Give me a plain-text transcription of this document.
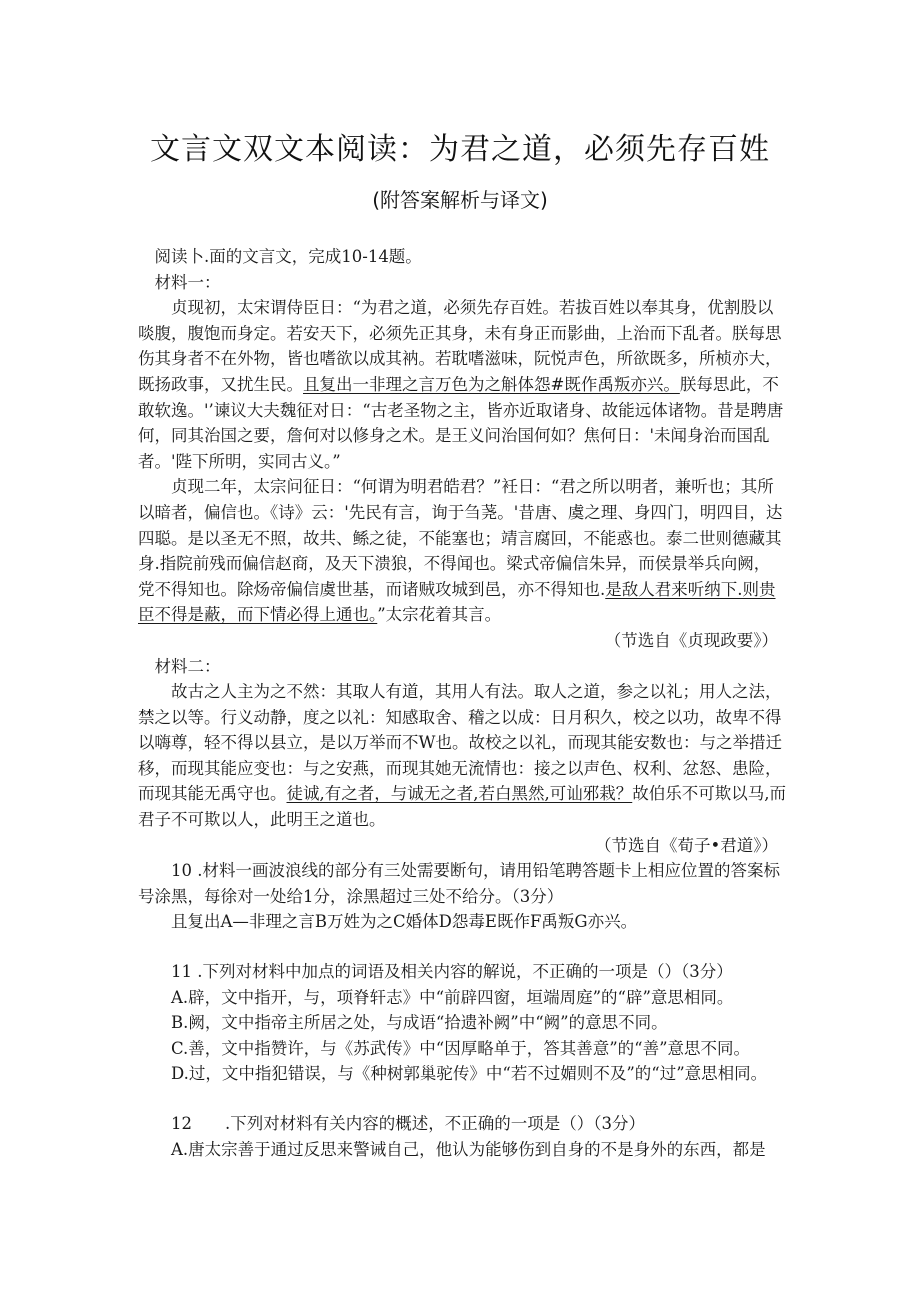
文言文双文本阅读：为君之道，必须先存百姓
(附答案解析与译文)

阅读卜.面的文言文，完成10-14题。

材料一：

贞现初，太宋谓侍臣日：“为君之道，必须先存百姓。若拔百姓以奉其身，优割股以啖腹，腹饱而身定。若安天下，必须先正其身，未有身正而影曲，上治而下乱者。朕每思伤其身者不在外物，皆也嗜欲以成其衲。若耽嗜滋味，阮悦声色，所欲既多，所桢亦大，既扬政事，又扰生民。且复出一非理之言万色为之斛体怨#既作禹叛亦兴。朕每思此，不敢软逸。'’谏议大夫魏征对日：“古老圣物之主，皆亦近取诸身、故能远体诸物。昔是聘唐何，同其治国之要，詹何对以修身之术。是王义问治国何如？焦何日：'未闻身治而国乱者。'陛下所明，实同古义。”

贞现二年，太宗问征日：“何谓为明君皓君？”衽日：“君之所以明者，兼听也；其所以暗者，偏信也。《诗》云：'先民有言，询于刍荛。'昔唐、虞之理、身四门，明四目，达四聪。是以圣无不照，故共、鲧之徒，不能塞也；靖言腐回，不能惑也。泰二世则德藏其身.指院前残而偏信赵商，及天下溃狼，不得闻也。梁式帝偏信朱异，而侯景举兵向阙，党不得知也。除炀帝偏信虞世基，而诸贼攻城到邑，亦不得知也.是敌人君来听纳下.则贵臣不得是蔽，而下情必得上通也。”太宗花着其言。

（节选自《贞现政要》）

材料二：

故古之人主为之不然：其取人有道，其用人有法。取人之道，参之以礼；用人之法，禁之以等。行义动静，度之以礼：知感取舍、稽之以成：日月积久，校之以功，故卑不得以嗨尊，轻不得以县立，是以万举而不W也。故校之以礼，而现其能安数也：与之举措迁移，而现其能应变也：与之安燕，而现其她无流情也：接之以声色、权利、忿怒、患险，而现其能无禹守也。徒诚,有之者，与诚无之者,若白黑然,可讪邪栽？故伯乐不可欺以马,而君子不可欺以人，此明王之道也。

（节选自《荀子•君道》）

10 .材料一画波浪线的部分有三处需要断句，请用铅笔聘答题卡上相应位置的答案标号涂黑，每徐对一处给1分，涂黑超过三处不给分。（3分）

且复出A—非理之言B万姓为之C婚体D怨毒E既作F禹叛G亦兴。

11 .下列对材料中加点的词语及相关内容的解说，不正确的一项是（）（3分）

A.辟，文中指开，与，项脊轩志》中“前辟四窗，垣端周庭”的“辟”意思相同。

B.阙，文中指帝主所居之处，与成语“拾遗补阙”中“阙”的意思不同。

C.善，文中指赞许，与《苏武传》中“因厚略单于，答其善意”的“善”意思不同。

D.过，文中指犯错误，与《种树郭巢驼传》中“若不过媚则不及”的“过”意思相同。

12　　.下列对材料有关内容的概述，不正确的一项是（）（3分）

A.唐太宗善于通过反思来警诫自己，他认为能够伤到自身的不是身外的东西，都是
